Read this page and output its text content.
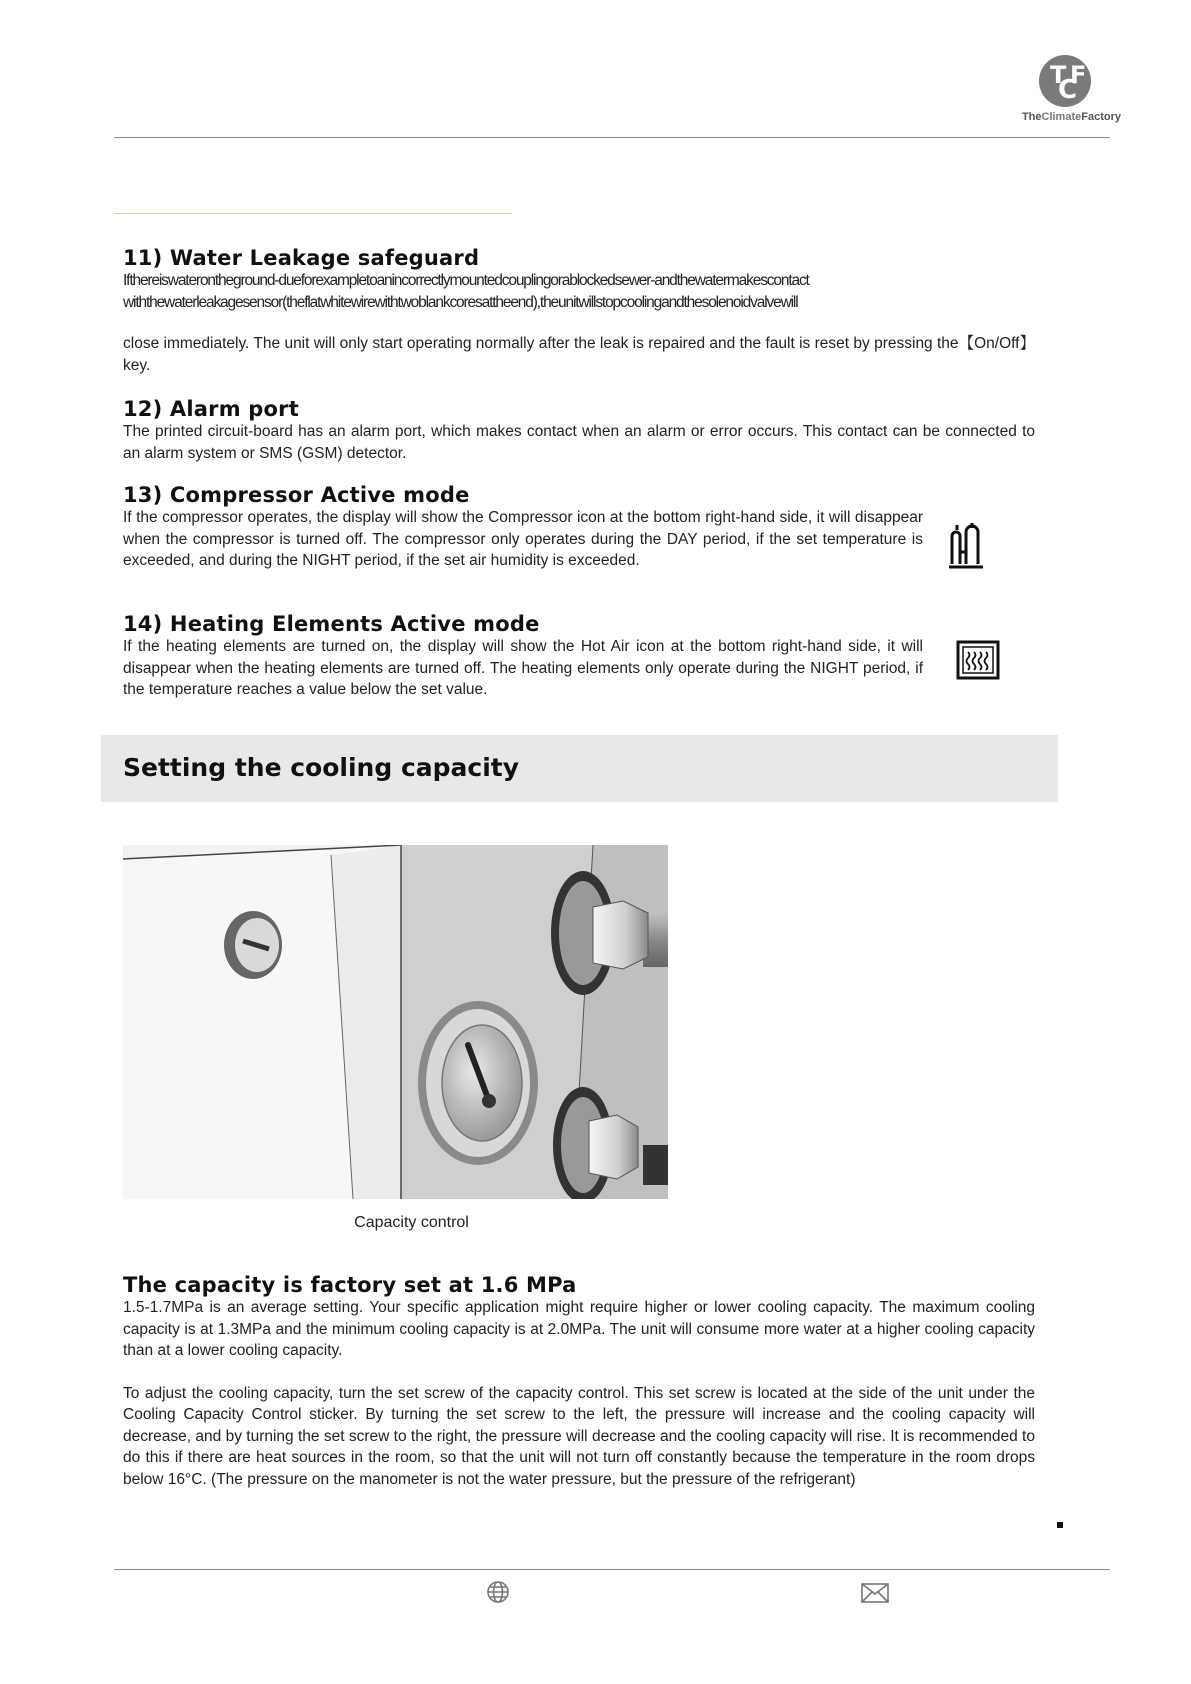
T
C
F
TheClimateFactory
11) Water Leakage safeguard

Ifthereiswaterontheground-dueforexampletoanincorrectlymountedcouplingorablockedsewer-andthewatermakescontact

withthewaterleakagesensor(theflatwhitewirewithtwoblankcoresattheend),theunitwillstopcoolingandthesolenoidvalvewill

close immediately. The unit will only start operating normally after the leak is repaired and the fault is reset by pressing the【On/Off】key.

12) Alarm port

The printed circuit-board has an alarm port, which makes contact when an alarm or error occurs. This contact can be connected to an alarm system or SMS (GSM) detector.

13) Compressor Active mode

If the compressor operates, the display will show the Compressor icon at the bottom right-hand side, it will disappear when the compressor is turned off. The compressor only operates during the DAY period, if the set temperature is exceeded, and during the NIGHT period, if the set air humidity is exceeded.

14) Heating Elements Active mode

If the heating elements are turned on, the display will show the Hot Air icon at the bottom right-hand side, it will disappear when the heating elements are turned off. The heating elements only operate during the NIGHT period, if the temperature reaches a value below the set value.

Setting the cooling capacity
Capacity control
The capacity is factory set at 1.6 MPa

1.5-1.7MPa is an average setting. Your specific application might require higher or lower cooling capacity. The maximum cooling capacity is at 1.3MPa and the minimum cooling capacity is at 2.0MPa. The unit will consume more water at a higher cooling capacity than at a lower cooling capacity.

To adjust the cooling capacity, turn the set screw of the capacity control. This set screw is located at the side of the unit under the Cooling Capacity Control sticker. By turning the set screw to the left, the pressure will increase and the cooling capacity will decrease, and by turning the set screw to the right, the pressure will decrease and the cooling capacity will rise. It is recommended to do this if there are heat sources in the room, so that the unit will not turn off constantly because the temperature in the room drops below 16°C. (The pressure on the manometer is not the water pressure, but the pressure of the refrigerant)
